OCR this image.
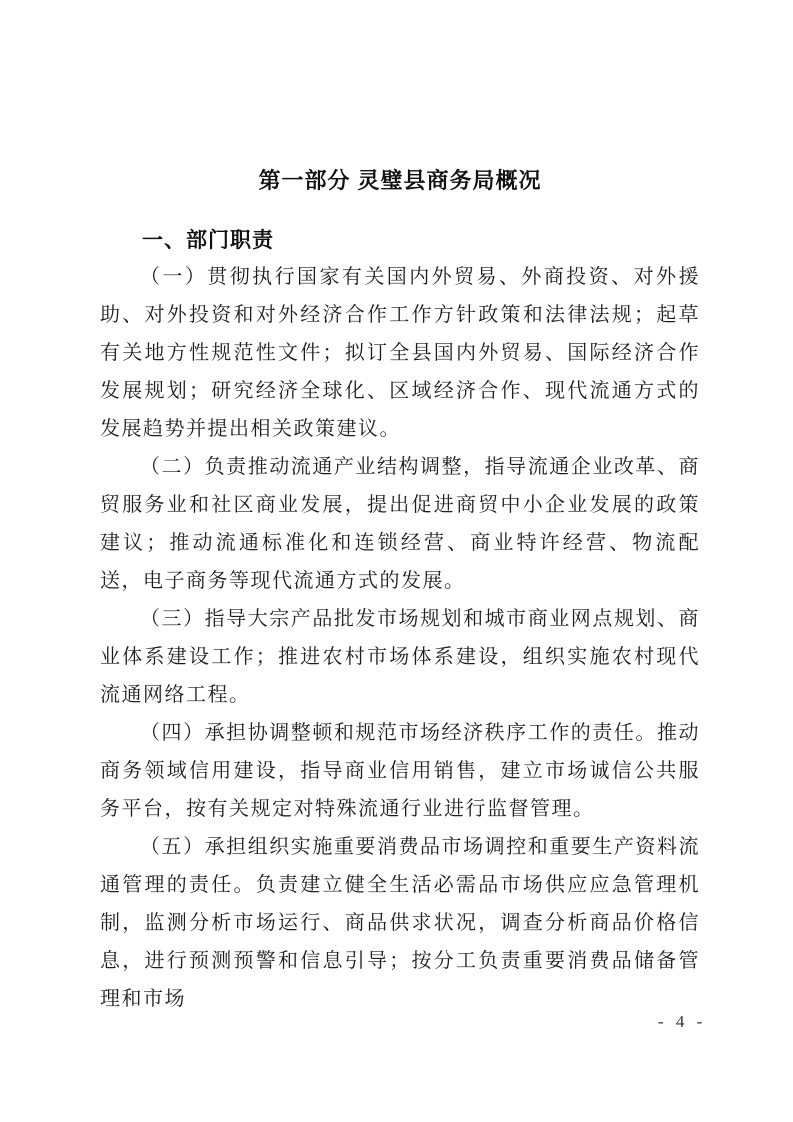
第一部分 灵璧县商务局概况
一、部门职责

（一）贯彻执行国家有关国内外贸易、外商投资、对外援助、对外投资和对外经济合作工作方针政策和法律法规；起草有关地方性规范性文件；拟订全县国内外贸易、国际经济合作发展规划；研究经济全球化、区域经济合作、现代流通方式的发展趋势并提出相关政策建议。

（二）负责推动流通产业结构调整，指导流通企业改革、商贸服务业和社区商业发展，提出促进商贸中小企业发展的政策建议；推动流通标准化和连锁经营、商业特许经营、物流配送，电子商务等现代流通方式的发展。

（三）指导大宗产品批发市场规划和城市商业网点规划、商业体系建设工作；推进农村市场体系建设，组织实施农村现代流通网络工程。

（四）承担协调整顿和规范市场经济秩序工作的责任。推动商务领域信用建设，指导商业信用销售，建立市场诚信公共服务平台，按有关规定对特殊流通行业进行监督管理。

（五）承担组织实施重要消费品市场调控和重要生产资料流通管理的责任。负责建立健全生活必需品市场供应应急管理机制，监测分析市场运行、商品供求状况，调查分析商品价格信息，进行预测预警和信息引导；按分工负责重要消费品储备管理和市场

- 4 -
